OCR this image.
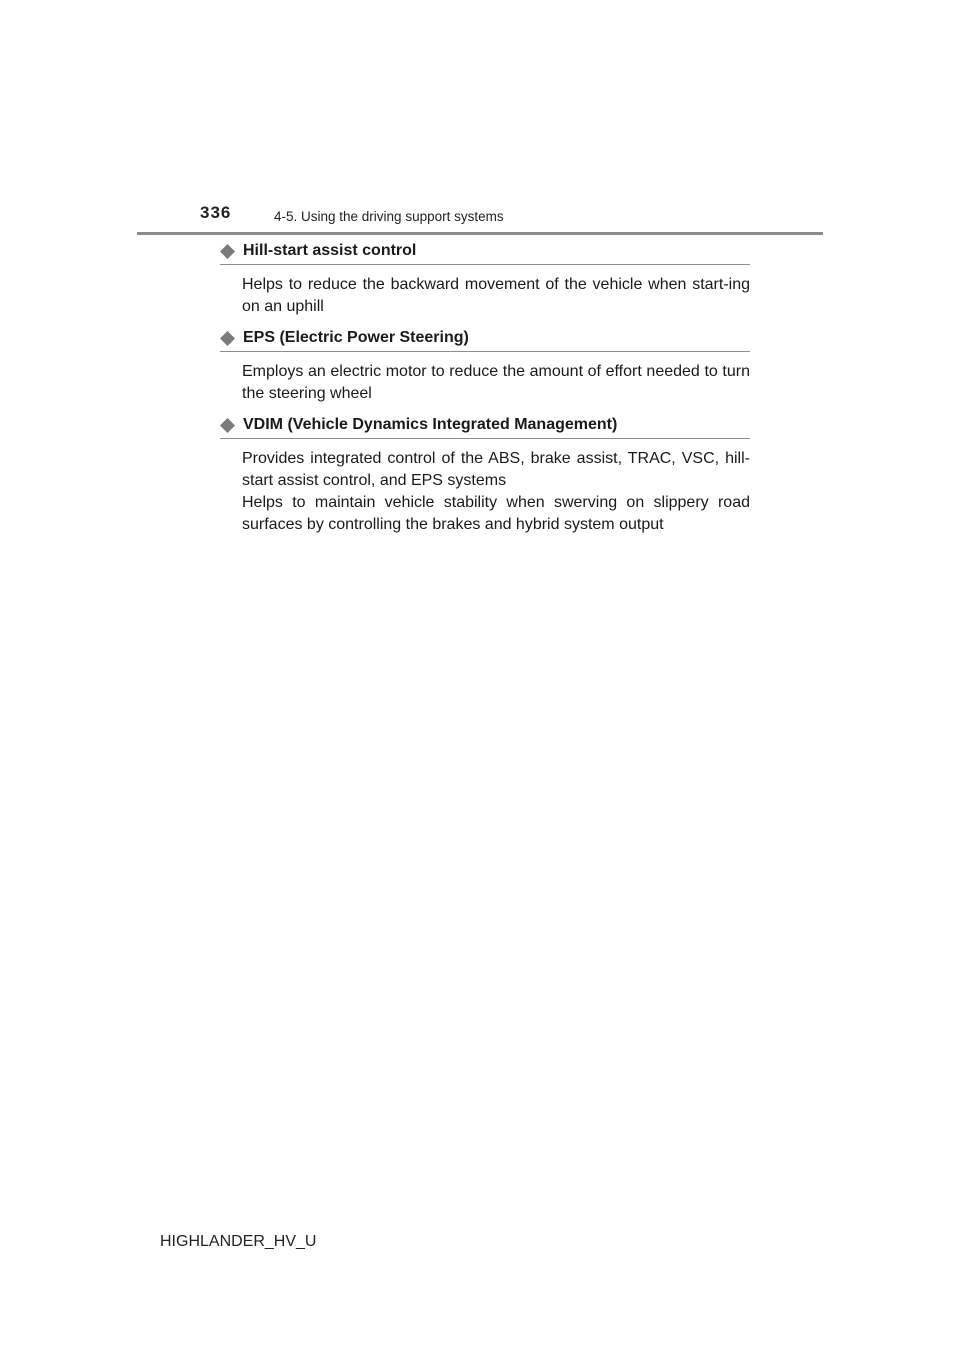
336	4-5. Using the driving support systems
Hill-start assist control

Helps to reduce the backward movement of the vehicle when start-ing on an uphill

EPS (Electric Power Steering)

Employs an electric motor to reduce the amount of effort needed to turn the steering wheel

VDIM (Vehicle Dynamics Integrated Management)

Provides integrated control of the ABS, brake assist, TRAC, VSC, hill-start assist control, and EPS systems

Helps to maintain vehicle stability when swerving on slippery road surfaces by controlling the brakes and hybrid system output

HIGHLANDER_HV_U
